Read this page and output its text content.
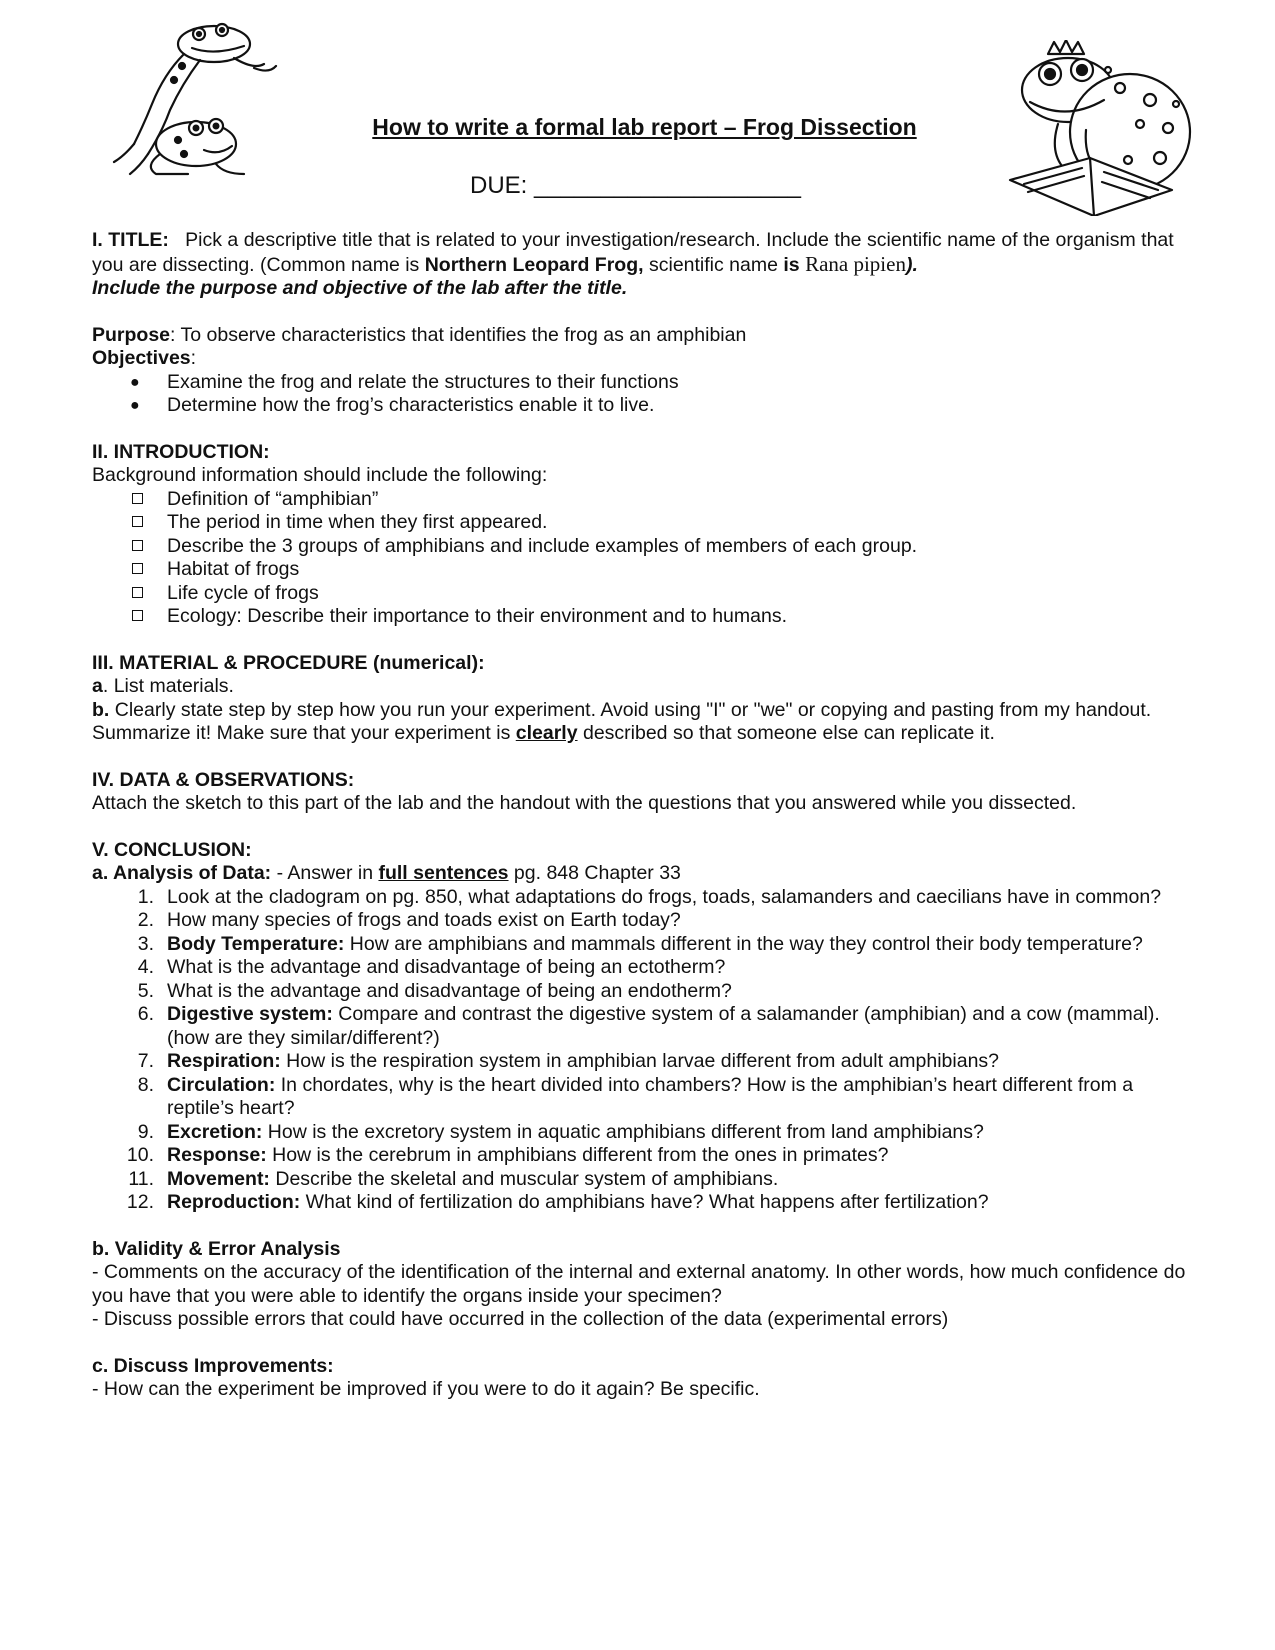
How to write a formal lab report – Frog Dissection
DUE: ____________________

I. TITLE: Pick a descriptive title that is related to your investigation/research. Include the scientific name of the organism that you are dissecting. (Common name is Northern Leopard Frog, scientific name is Rana pipien).

Include the purpose and objective of the lab after the title.

Purpose: To observe characteristics that identifies the frog as an amphibian

Objectives:

● Examine the frog and relate the structures to their functions
● Determine how the frog’s characteristics enable it to live.

II. INTRODUCTION:

Background information should include the following:

Definition of “amphibian”
The period in time when they first appeared.
Describe the 3 groups of amphibians and include examples of members of each group.
Habitat of frogs
Life cycle of frogs
Ecology: Describe their importance to their environment and to humans.

III. MATERIAL & PROCEDURE (numerical):

a. List materials.

b. Clearly state step by step how you run your experiment. Avoid using "I" or "we" or copying and pasting from my handout. Summarize it! Make sure that your experiment is clearly described so that someone else can replicate it.

IV. DATA & OBSERVATIONS:

Attach the sketch to this part of the lab and the handout with the questions that you answered while you dissected.

V. CONCLUSION:

a. Analysis of Data: - Answer in full sentences pg. 848 Chapter 33

1. Look at the cladogram on pg. 850, what adaptations do frogs, toads, salamanders and caecilians have in common?
2. How many species of frogs and toads exist on Earth today?
3. Body Temperature: How are amphibians and mammals different in the way they control their body temperature?
4. What is the advantage and disadvantage of being an ectotherm?
5. What is the advantage and disadvantage of being an endotherm?
6. Digestive system: Compare and contrast the digestive system of a salamander (amphibian) and a cow (mammal). (how are they similar/different?)
7. Respiration: How is the respiration system in amphibian larvae different from adult amphibians?
8. Circulation: In chordates, why is the heart divided into chambers? How is the amphibian’s heart different from a reptile’s heart?
9. Excretion: How is the excretory system in aquatic amphibians different from land amphibians?
10. Response: How is the cerebrum in amphibians different from the ones in primates?
11. Movement: Describe the skeletal and muscular system of amphibians.
12. Reproduction: What kind of fertilization do amphibians have? What happens after fertilization?

b. Validity & Error Analysis

- Comments on the accuracy of the identification of the internal and external anatomy. In other words, how much confidence do you have that you were able to identify the organs inside your specimen?

- Discuss possible errors that could have occurred in the collection of the data (experimental errors)

c. Discuss Improvements:

- How can the experiment be improved if you were to do it again? Be specific.
